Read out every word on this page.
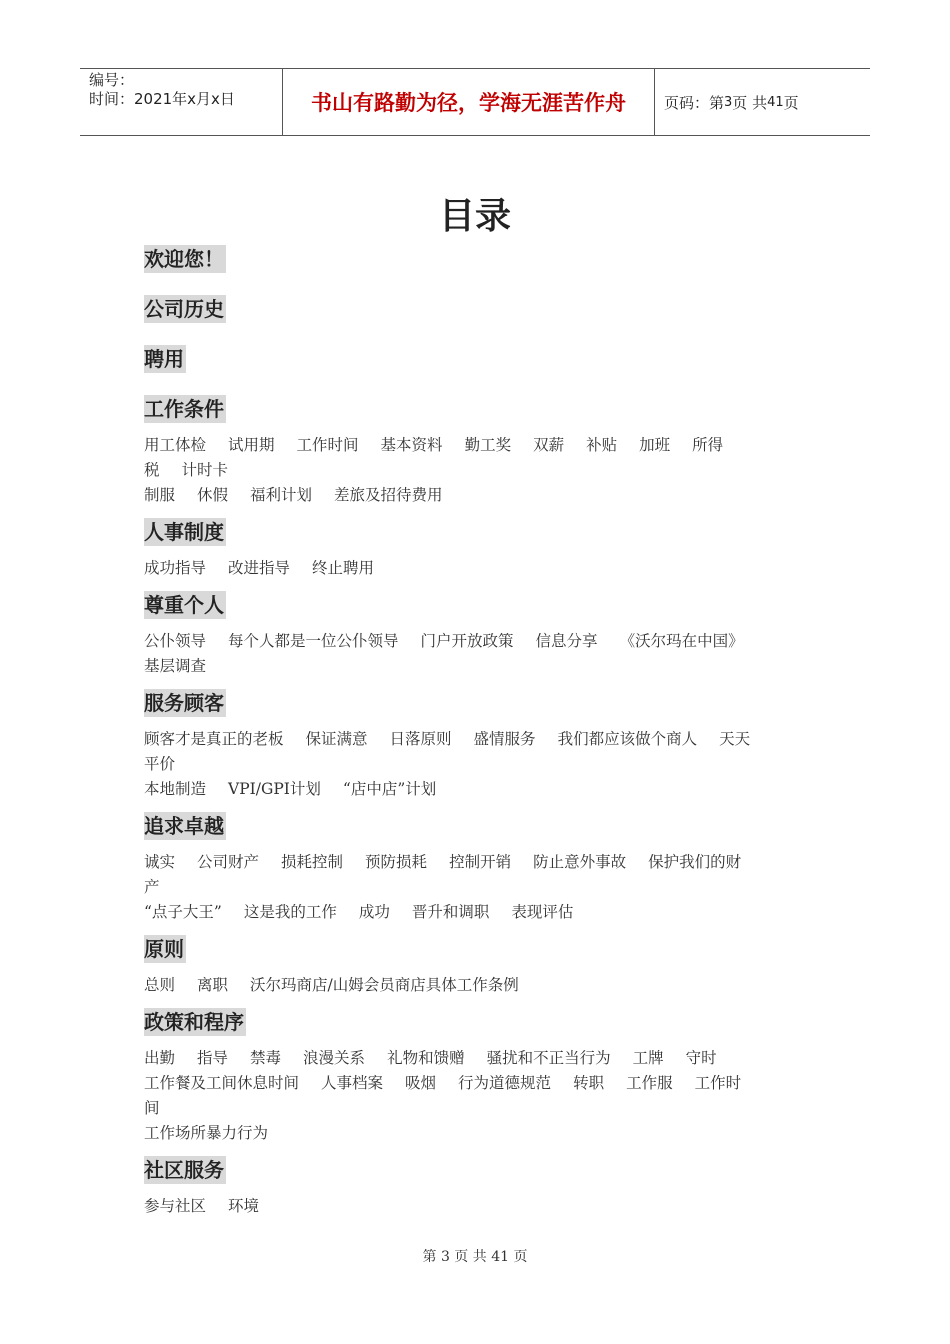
编号：
时间：2021年x月x日	书山有路勤为径，学海无涯苦作舟	页码：第 3 页 共 41 页
目录
欢迎您！
公司历史
聘用
工作条件
用工体检 试用期 工作时间 基本资料 勤工奖 双薪 补贴 加班 所得
税 计时卡
制服 休假 福利计划 差旅及招待费用
人事制度
成功指导 改进指导 终止聘用
尊重个人
公仆领导 每个人都是一位公仆领导 门户开放政策 信息分享 《沃尔玛在中国》
基层调查
服务顾客
顾客才是真正的老板 保证满意 日落原则 盛情服务 我们都应该做个商人 天天
平价
本地制造 VPI/GPI计划 “店中店”计划
追求卓越
诚实 公司财产 损耗控制 预防损耗 控制开销 防止意外事故 保护我们的财
产
“点子大王” 这是我的工作 成功 晋升和调职 表现评估
原则
总则 离职 沃尔玛商店/山姆会员商店具体工作条例
政策和程序
出勤 指导 禁毒 浪漫关系 礼物和馈赠 骚扰和不正当行为 工牌 守时
工作餐及工间休息时间 人事档案 吸烟 行为道德规范 转职 工作服 工作时
间
工作场所暴力行为
社区服务
参与社区 环境
第 3 页 共 41 页
